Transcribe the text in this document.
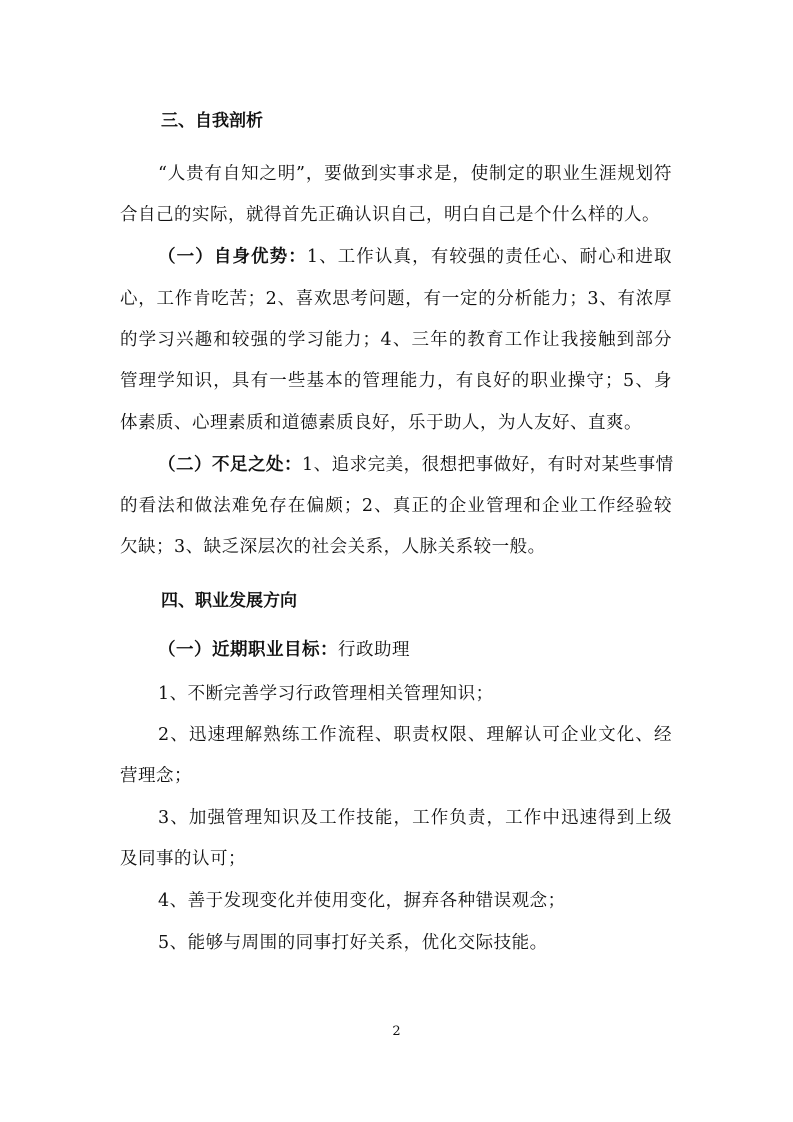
三、自我剖析
“人贵有自知之明”，要做到实事求是，使制定的职业生涯规划符
合自己的实际，就得首先正确认识自己，明白自己是个什么样的人。
（一）自身优势：1、工作认真，有较强的责任心、耐心和进取
心，工作肯吃苦；2、喜欢思考问题，有一定的分析能力；3、有浓厚
的学习兴趣和较强的学习能力；4、三年的教育工作让我接触到部分
管理学知识，具有一些基本的管理能力，有良好的职业操守；5、身
体素质、心理素质和道德素质良好，乐于助人，为人友好、直爽。
（二）不足之处：1、追求完美，很想把事做好，有时对某些事情
的看法和做法难免存在偏颇；2、真正的企业管理和企业工作经验较
欠缺；3、缺乏深层次的社会关系，人脉关系较一般。
四、职业发展方向
（一）近期职业目标：行政助理
1、不断完善学习行政管理相关管理知识；
2、迅速理解熟练工作流程、职责权限、理解认可企业文化、经
营理念；
3、加强管理知识及工作技能，工作负责，工作中迅速得到上级
及同事的认可；
4、善于发现变化并使用变化，摒弃各种错误观念；
5、能够与周围的同事打好关系，优化交际技能。
2
